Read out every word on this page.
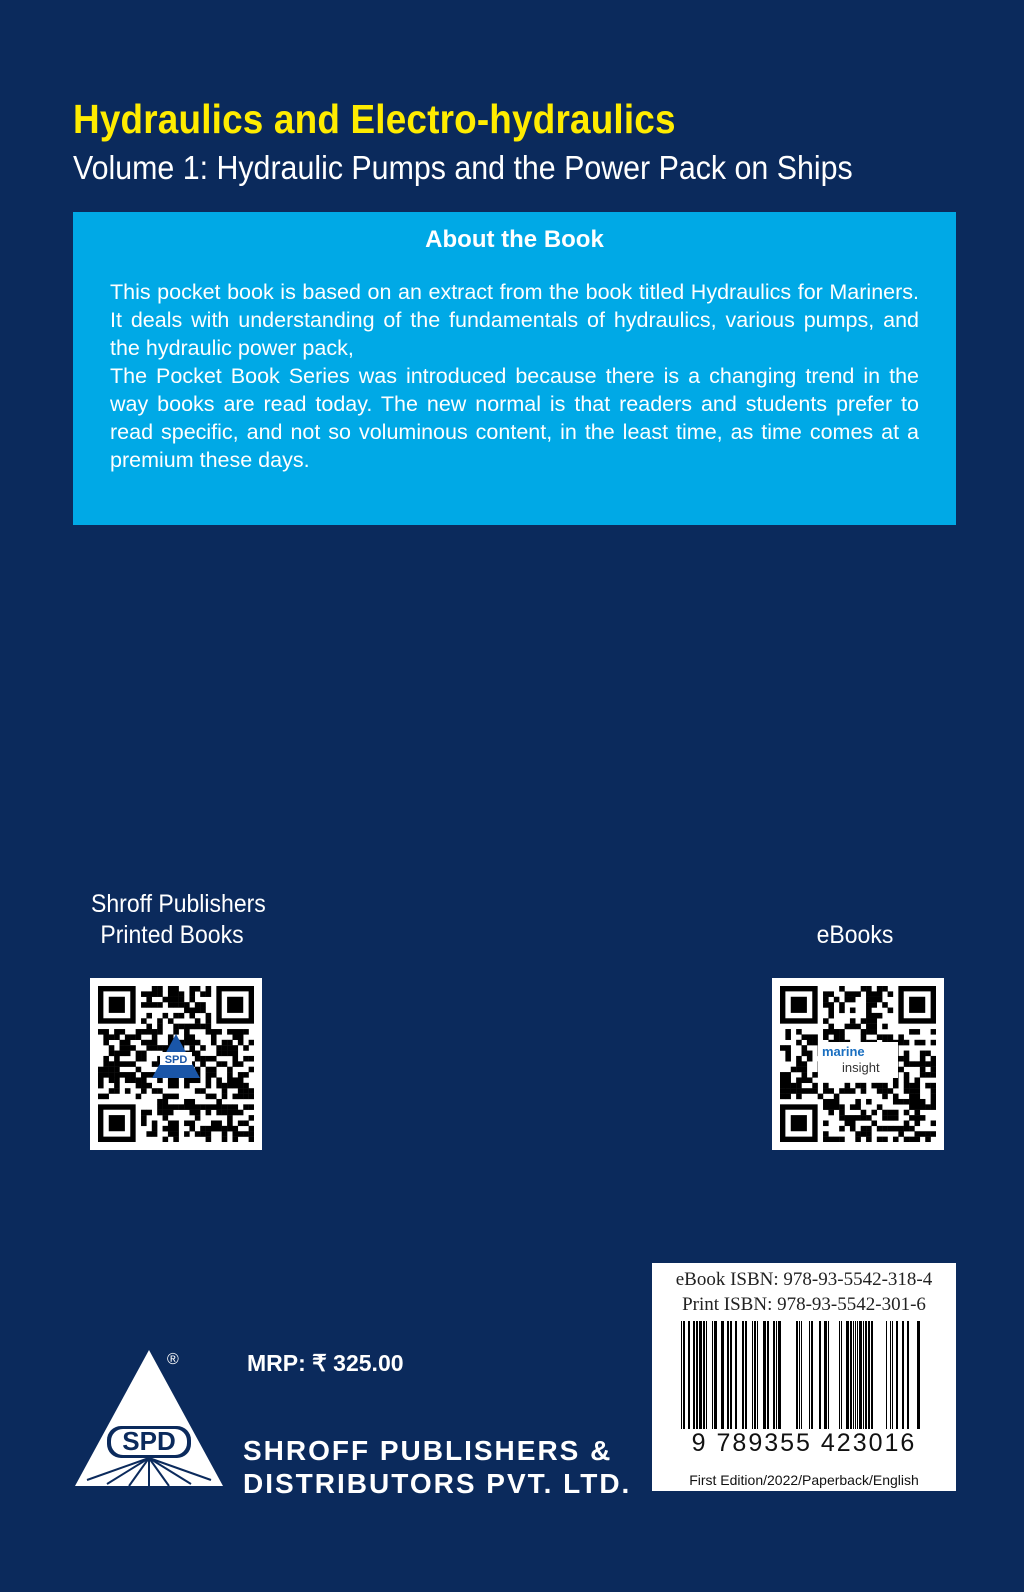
Hydraulics and Electro-hydraulics
Volume 1: Hydraulic Pumps and the Power Pack on Ships
About the Book

This pocket book is based on an extract from the book titled Hydraulics for Mariners. It deals with understanding of the fundamentals of hydraulics, various pumps, and the hydraulic power pack,

The Pocket Book Series was introduced because there is a changing trend in the way books are read today. The new normal is that readers and students prefer to read specific, and not so voluminous content, in the least time, as time comes at a premium these days.

Shroff Publishers
Printed Books
SPD
eBooks
marine
insight
eBook ISBN: 978-93-5542-318-4
Print ISBN: 978-93-5542-301-6
9 789355 423016
First Edition/2022/Paperback/English
SPD
®	MRP: ₹ 325.00
SHROFF PUBLISHERS &
DISTRIBUTORS PVT. LTD.
